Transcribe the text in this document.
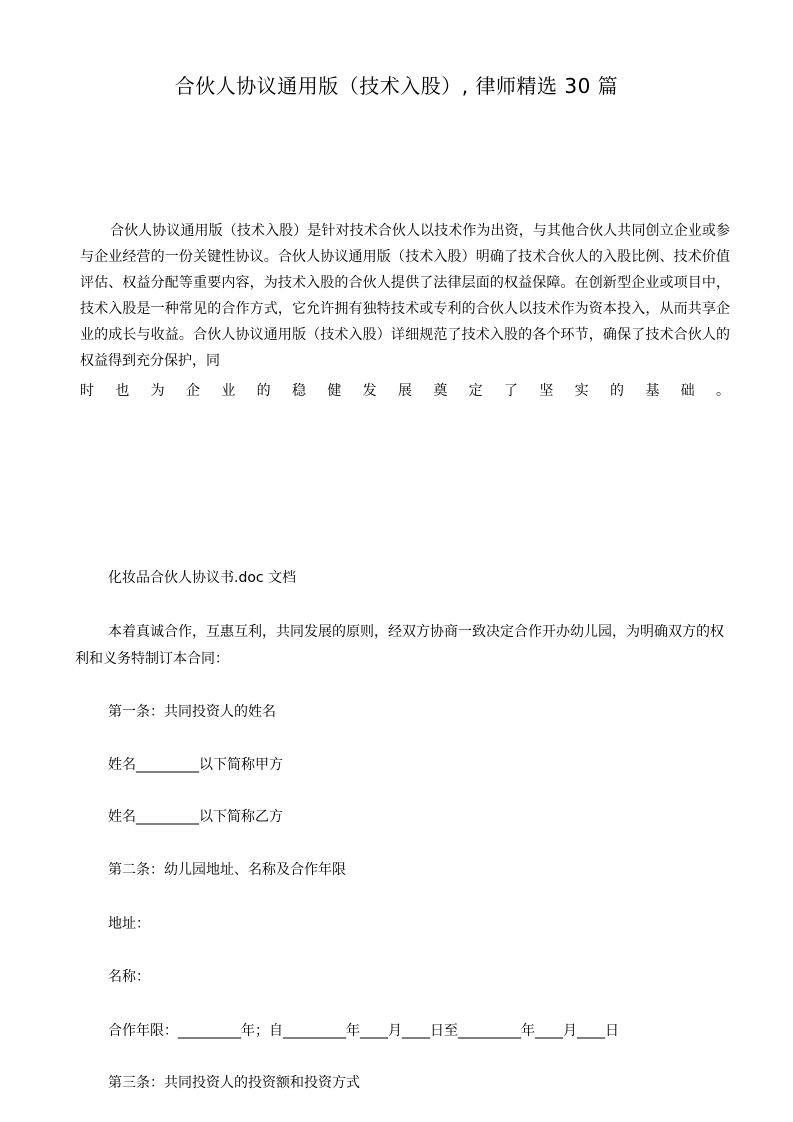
合伙人协议通用版（技术入股）, 律师精选 30 篇

合伙人协议通用版（技术入股）是针对技术合伙人以技术作为出资，与其他合伙人共同创立企业或参与企业经营的一份关键性协议。合伙人协议通用版（技术入股）明确了技术合伙人的入股比例、技术价值评估、权益分配等重要内容，为技术入股的合伙人提供了法律层面的权益保障。在创新型企业或项目中，技术入股是一种常见的合作方式，它允许拥有独特技术或专利的合伙人以技术作为资本投入，从而共享企业的成长与收益。合伙人协议通用版（技术入股）详细规范了技术入股的各个环节，确保了技术合伙人的权益得到充分保护，同

时也为企业的稳健发展奠定了坚实的基础。

化妆品合伙人协议书.doc 文档

本着真诚合作，互惠互利，共同发展的原则，经双方协商一致决定合作开办幼儿园，为明确双方的权利和义务特制订本合同：

第一条：共同投资人的姓名

姓名_________以下简称甲方

姓名_________以下简称乙方

第二条：幼儿园地址、名称及合作年限

地址：

名称：

合作年限：_________年；自_________年____月____日至_________年____月____日

第三条：共同投资人的投资额和投资方式
